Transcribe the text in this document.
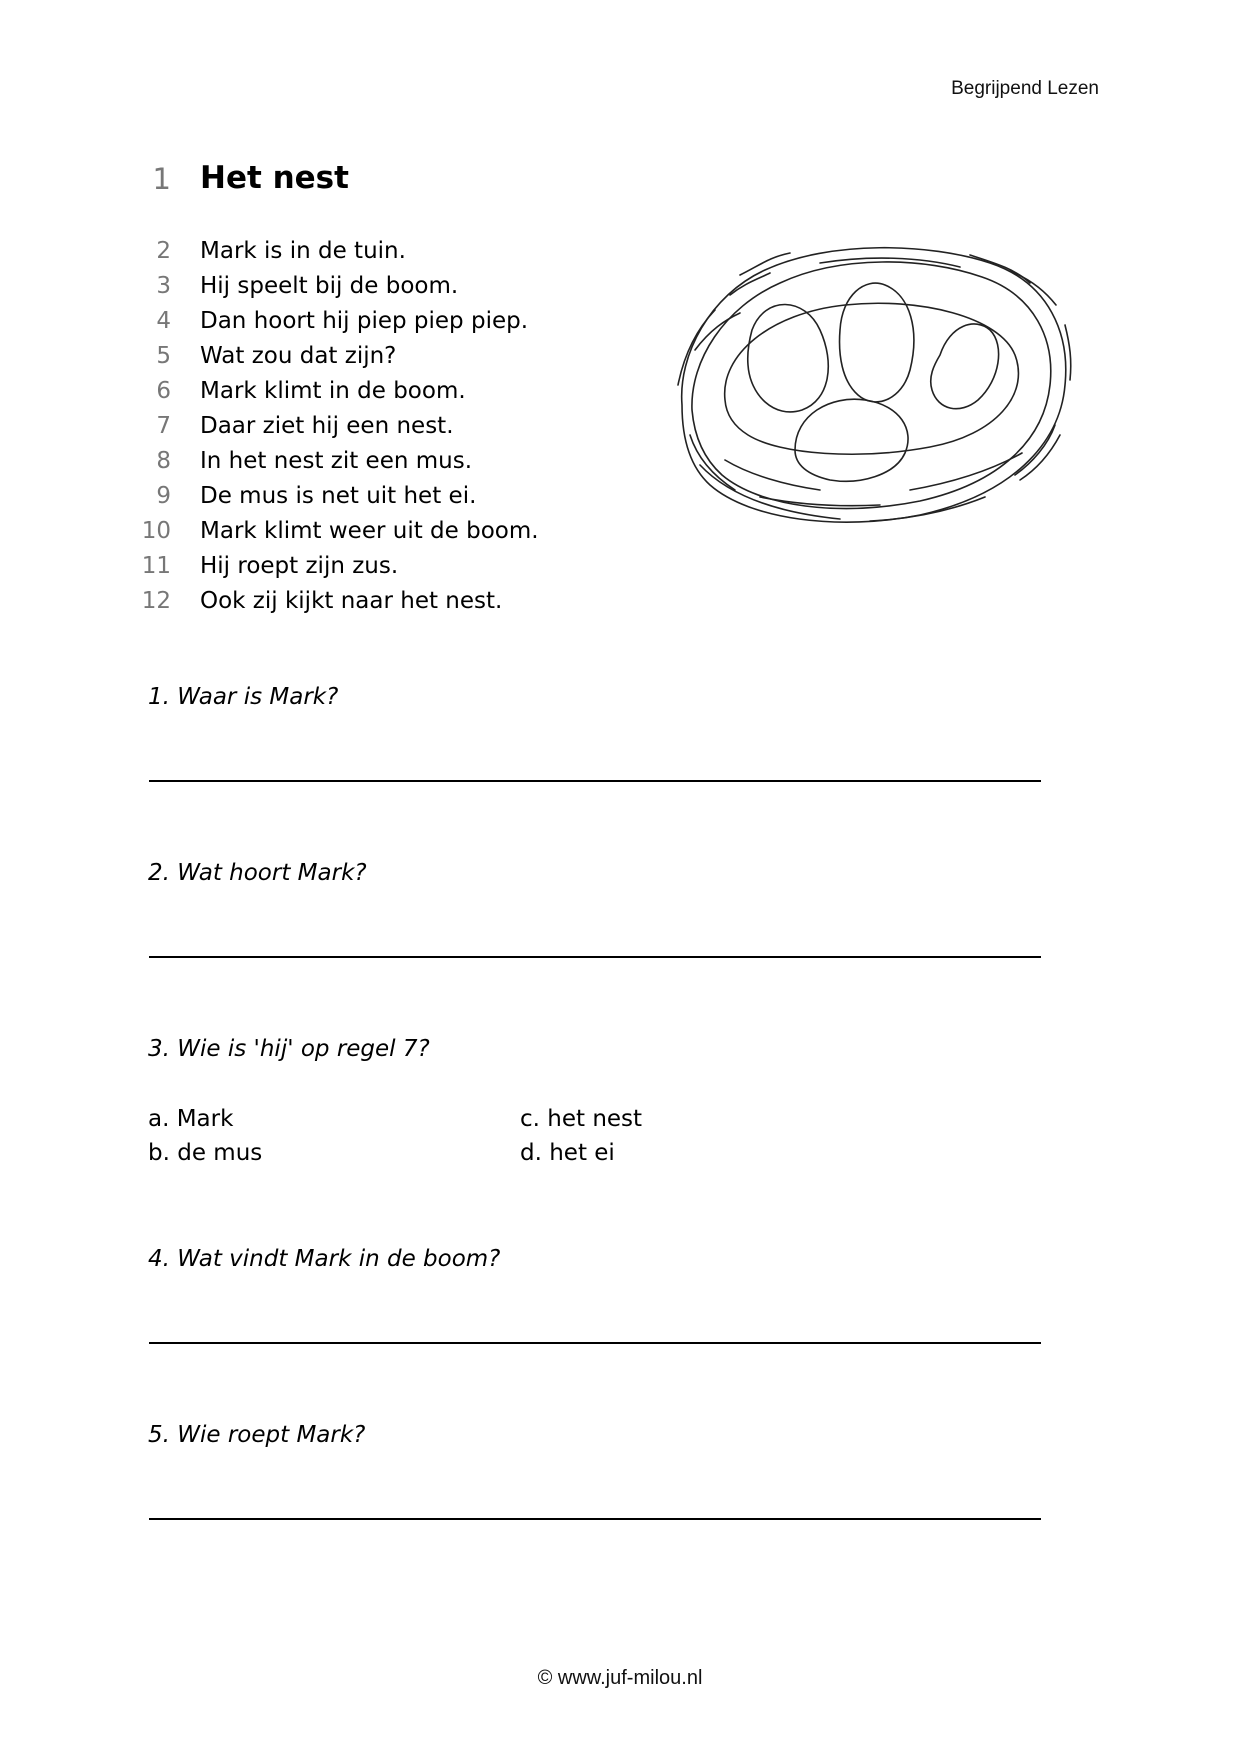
Begrijpend Lezen
1 Het nest
2 Mark is in de tuin.
3 Hij speelt bij de boom.
4 Dan hoort hij piep piep piep.
5 Wat zou dat zijn?
6 Mark klimt in de boom.
7 Daar ziet hij een nest.
8 In het nest zit een mus.
9 De mus is net uit het ei.
10 Mark klimt weer uit de boom.
11 Hij roept zijn zus.
12 Ook zij kijkt naar het nest.
1. Waar is Mark?
2. Wat hoort Mark?
3. Wie is 'hij' op regel 7?
a. Mark	c. het nest
b. de mus	d. het ei
4. Wat vindt Mark in de boom?
5. Wie roept Mark?
© www.juf-milou.nl
